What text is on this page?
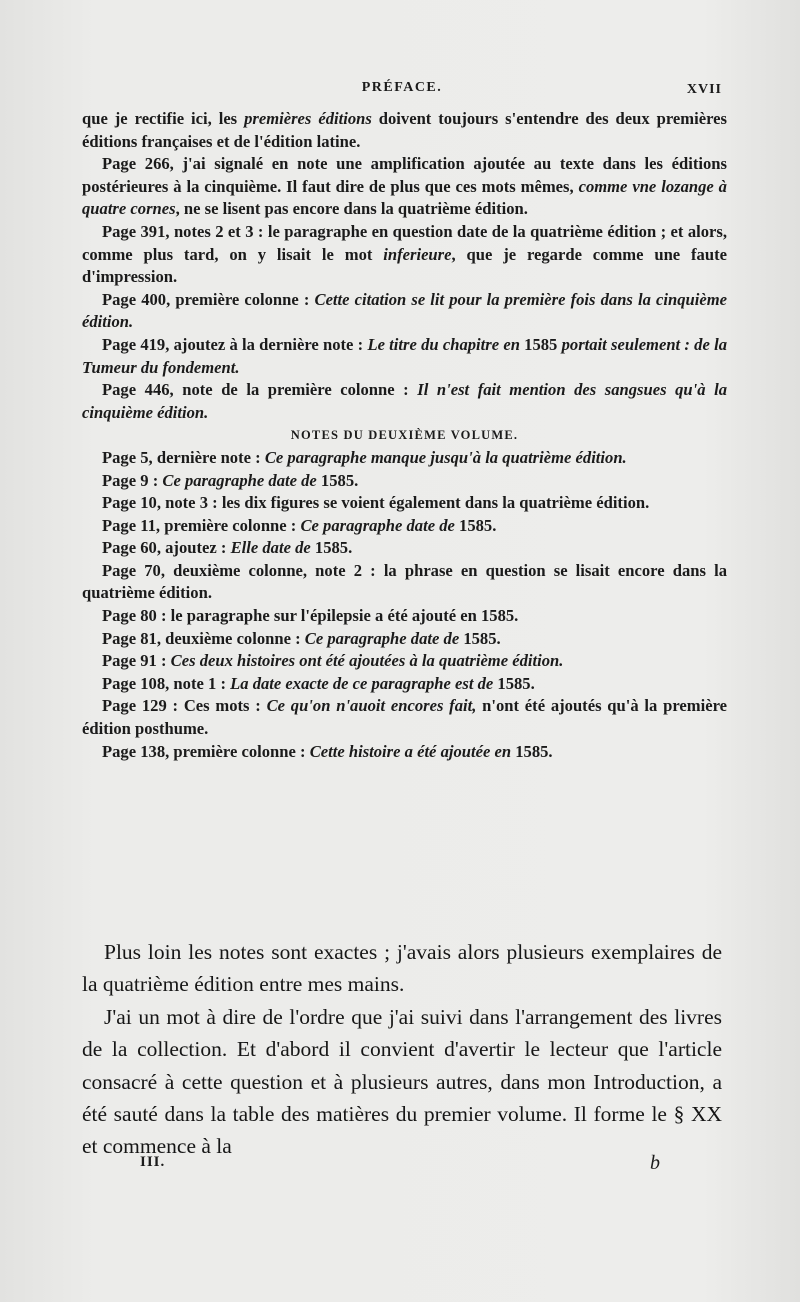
PRÉFACE.	XVII

que je rectifie ici, les premières éditions doivent toujours s'entendre des deux premières éditions françaises et de l'édition latine.

Page 266, j'ai signalé en note une amplification ajoutée au texte dans les éditions postérieures à la cinquième. Il faut dire de plus que ces mots mêmes, comme vne lozange à quatre cornes, ne se lisent pas encore dans la quatrième édition.

Page 391, notes 2 et 3 : le paragraphe en question date de la quatrième édition ; et alors, comme plus tard, on y lisait le mot inferieure, que je regarde comme une faute d'impression.

Page 400, première colonne : Cette citation se lit pour la première fois dans la cinquième édition.

Page 419, ajoutez à la dernière note : Le titre du chapitre en 1585 portait seulement : de la Tumeur du fondement.

Page 446, note de la première colonne : Il n'est fait mention des sangsues qu'à la cinquième édition.

NOTES DU DEUXIÈME VOLUME.

Page 5, dernière note : Ce paragraphe manque jusqu'à la quatrième édition.

Page 9 : Ce paragraphe date de 1585.

Page 10, note 3 : les dix figures se voient également dans la quatrième édition.

Page 11, première colonne : Ce paragraphe date de 1585.

Page 60, ajoutez : Elle date de 1585.

Page 70, deuxième colonne, note 2 : la phrase en question se lisait encore dans la quatrième édition.

Page 80 : le paragraphe sur l'épilepsie a été ajouté en 1585.

Page 81, deuxième colonne : Ce paragraphe date de 1585.

Page 91 : Ces deux histoires ont été ajoutées à la quatrième édition.

Page 108, note 1 : La date exacte de ce paragraphe est de 1585.

Page 129 : Ces mots : Ce qu'on n'auoit encores fait, n'ont été ajoutés qu'à la première édition posthume.

Page 138, première colonne : Cette histoire a été ajoutée en 1585.

Plus loin les notes sont exactes ; j'avais alors plusieurs exemplaires de la quatrième édition entre mes mains.

J'ai un mot à dire de l'ordre que j'ai suivi dans l'arrangement des livres de la collection. Et d'abord il convient d'avertir le lecteur que l'article consacré à cette question et à plusieurs autres, dans mon Introduction, a été sauté dans la table des matières du premier volume. Il forme le § XX et commence à la

III.	b
